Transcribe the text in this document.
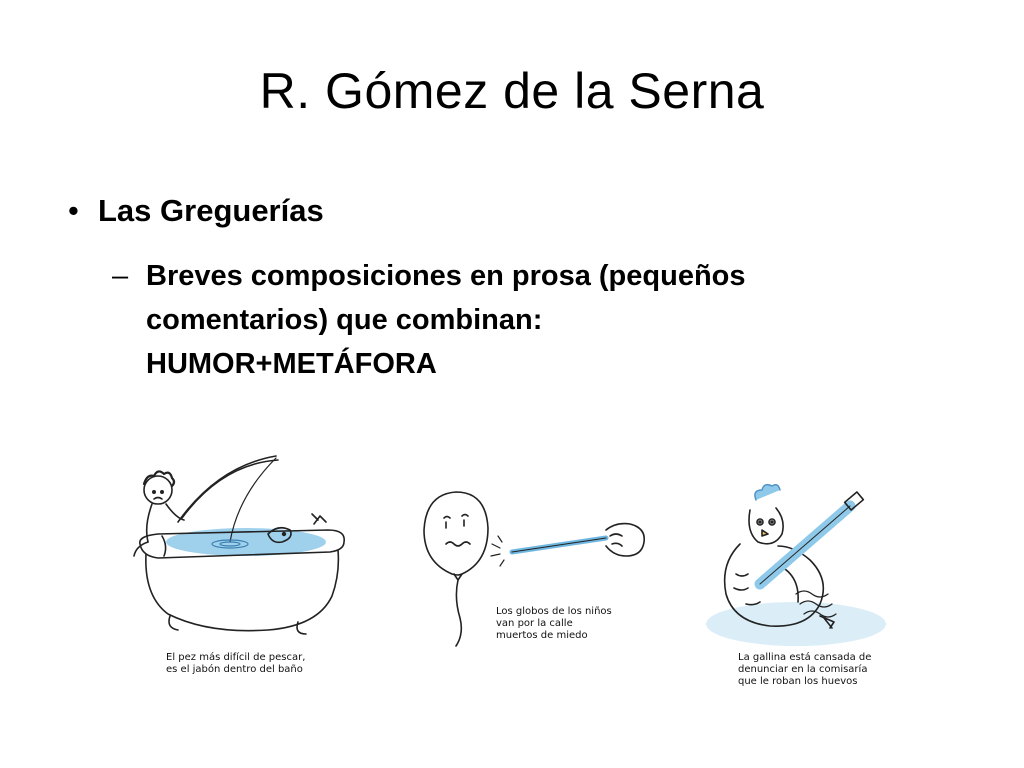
R. Gómez de la Serna
• Las Greguerías
– Breves composiciones en prosa (pequeños
comentarios) que combinan:
HUMOR+METÁFORA
El pez más difícil de pescar,
es el jabón dentro del baño
Los globos de los niños
van por la calle
muertos de miedo
La gallina está cansada de
denunciar en la comisaría
que le roban los huevos
